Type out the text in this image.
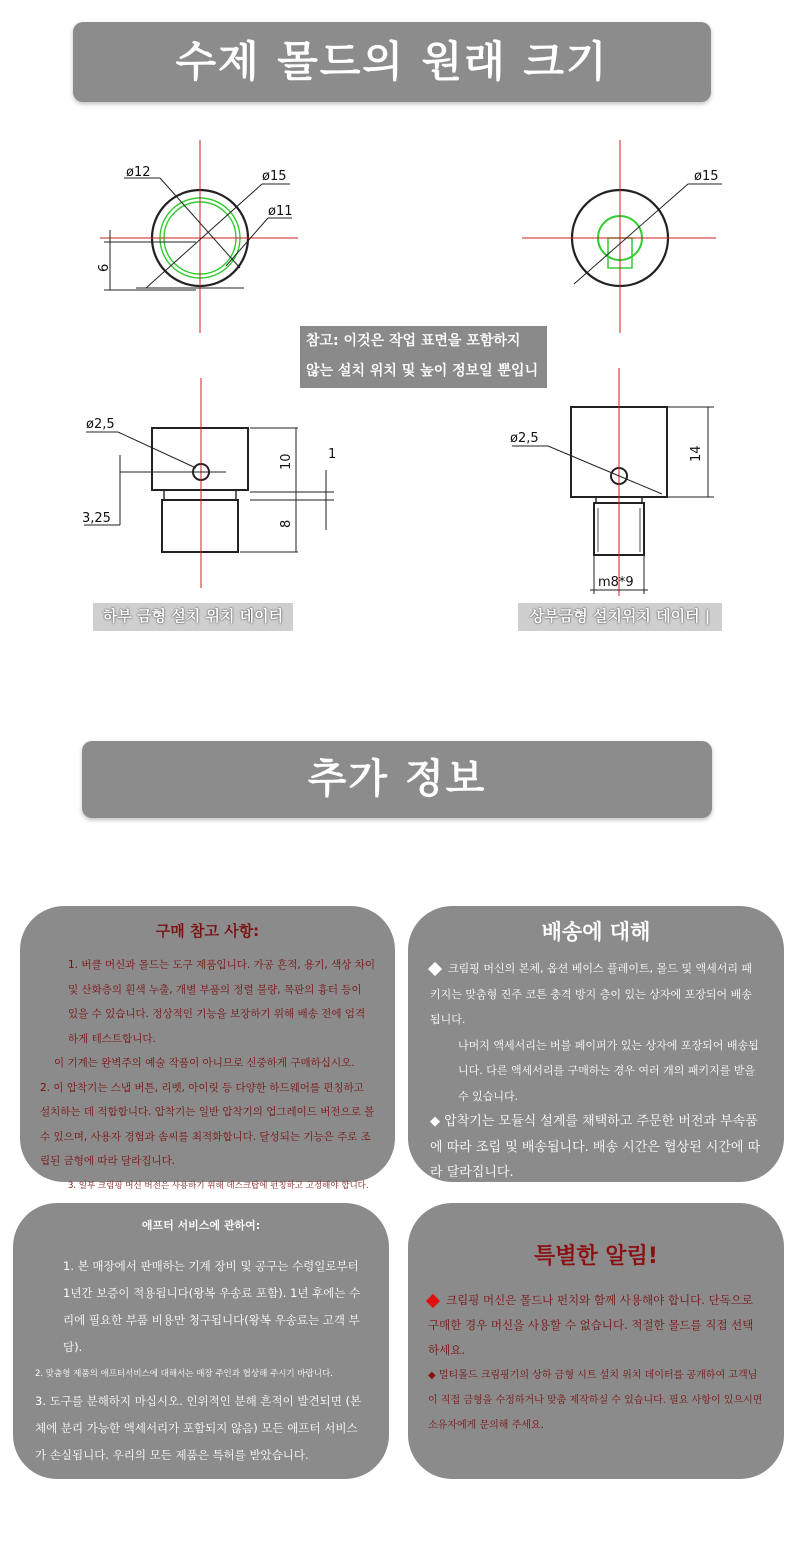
수제 몰드의 원래 크기
ø12	ø15
ø11
6
ø15
ø2,5
10	1
8
3,25
ø2,5
14
m8*9
참고: 이것은 작업 표면을 포함하지
않는 설치 위치 및 높이 정보일 뿐입니다.
하부 금형 설치 위치 데이터	상부금형 설치위치 데이터 |
추가 정보
구매 참고 사항:

1. 버클 머신과 몰드는 도구 제품입니다. 가공 흔적, 용기, 색상 차이 및 산화층의 흰색 누출, 개별 부품의 정렬 불량, 목판의 흉터 등이 있을 수 있습니다. 정상적인 기능을 보장하기 위해 배송 전에 엄격하게 테스트합니다.

이 기계는 완벽주의 예술 작품이 아니므로 신중하게 구매하십시오.

2. 이 압착기는 스냅 버튼, 리벳, 아이릿 등 다양한 하드웨어를 편칭하고 설치하는 데 적합합니다. 압착기는 일반 압착기의 업그레이드 버전으로 볼 수 있으며, 사용자 경험과 솜씨를 최적화합니다. 달성되는 기능은 주로 조립된 금형에 따라 달라집니다.

3. 일부 크림핑 머신 버전은 사용하기 위해 데스크탑에 펀칭하고 고정해야 합니다.

배송에 대해

크림핑 머신의 본체, 옵션 베이스 플레이트, 몰드 및 액세서리 패키지는 맞춤형 진주 코튼 충격 방지 층이 있는 상자에 포장되어 배송됩니다.

나머지 액세서리는 버블 페이퍼가 있는 상자에 포장되어 배송됩니다. 다른 액세서리를 구매하는 경우 여러 개의 패키지를 받을 수 있습니다.

◆ 압착기는 모듈식 설계를 채택하고 주문한 버전과 부속품에 따라 조립 및 배송됩니다. 배송 시간은 협상된 시간에 따라 달라집니다.

애프터 서비스에 관하여:

1. 본 매장에서 판매하는 기계 장비 및 공구는 수령일로부터 1년간 보증이 적용됩니다(왕복 우송료 포함). 1년 후에는 수리에 필요한 부품 비용만 청구됩니다(왕복 우송료는 고객 부담).

2. 맞춤형 제품의 애프터서비스에 대해서는 매장 주인과 협상해 주시기 바랍니다.

3. 도구를 분해하지 마십시오. 인위적인 분해 흔적이 발견되면 (본체에 분리 가능한 액세서리가 포함되지 않음) 모든 애프터 서비스가 손실됩니다. 우리의 모든 제품은 특허를 받았습니다.

특별한 알림!

크림핑 머신은 몰드나 펀치와 함께 사용해야 합니다. 단독으로 구매한 경우 머신을 사용할 수 없습니다. 적절한 몰드를 직접 선택하세요.

◆ 멀티몰드 크림핑기의 상하 금형 시트 설치 위치 데이터를 공개하여 고객님이 직접 금형을 수정하거나 맞춤 제작하실 수 있습니다. 필요 사항이 있으시면 소유자에게 문의해 주세요.
